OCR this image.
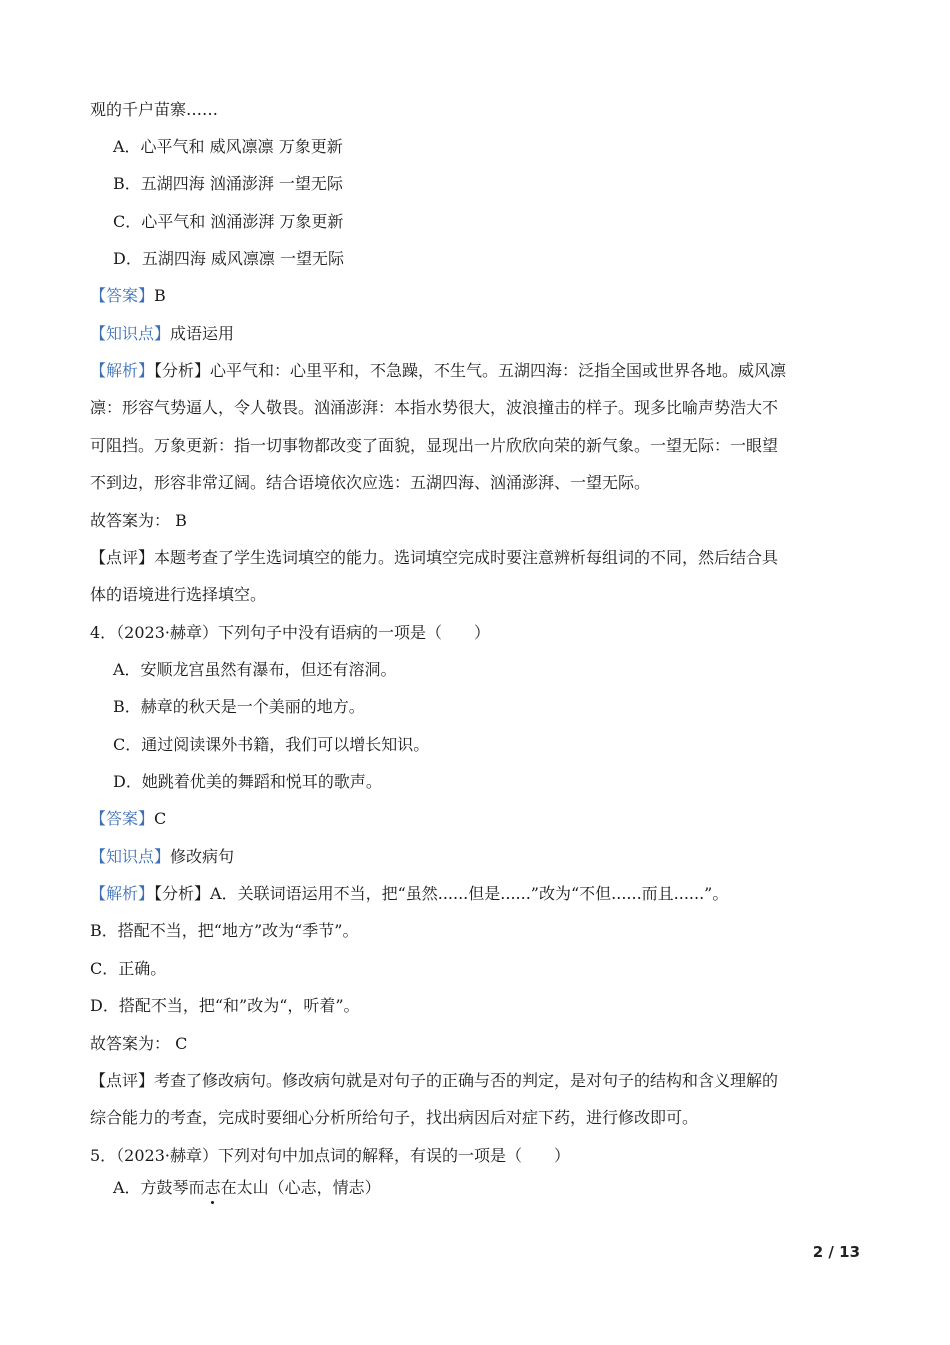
观的千户苗寨……
A．心平气和 威风凛凛 万象更新
B．五湖四海 汹涌澎湃 一望无际
C．心平气和 汹涌澎湃 万象更新
D．五湖四海 威风凛凛 一望无际
【答案】B
【知识点】成语运用
【解析】【分析】心平气和：心里平和，不急躁，不生气。五湖四海：泛指全国或世界各地。威风凛
凛：形容气势逼人，令人敬畏。汹涌澎湃：本指水势很大，波浪撞击的样子。现多比喻声势浩大不
可阻挡。万象更新：指一切事物都改变了面貌，显现出一片欣欣向荣的新气象。一望无际：一眼望
不到边，形容非常辽阔。结合语境依次应选：五湖四海、汹涌澎湃、一望无际。
故答案为： B
【点评】本题考查了学生选词填空的能力。选词填空完成时要注意辨析每组词的不同，然后结合具
体的语境进行选择填空。
4．（2023·赫章）下列句子中没有语病的一项是（　　）
A．安顺龙宫虽然有瀑布，但还有溶洞。
B．赫章的秋天是一个美丽的地方。
C．通过阅读课外书籍，我们可以增长知识。
D．她跳着优美的舞蹈和悦耳的歌声。
【答案】C
【知识点】修改病句
【解析】【分析】A．关联词语运用不当，把“虽然......但是......”改为“不但......而且......”。
B．搭配不当，把“地方”改为“季节”。
C．正确。
D．搭配不当，把“和”改为“，听着”。
故答案为： C
【点评】考查了修改病句。修改病句就是对句子的正确与否的判定，是对句子的结构和含义理解的
综合能力的考查，完成时要细心分析所给句子，找出病因后对症下药，进行修改即可。
5．（2023·赫章）下列对句中加点词的解释，有误的一项是（　　）
A．方鼓琴而志在太山（心志，情志）
2 / 13
